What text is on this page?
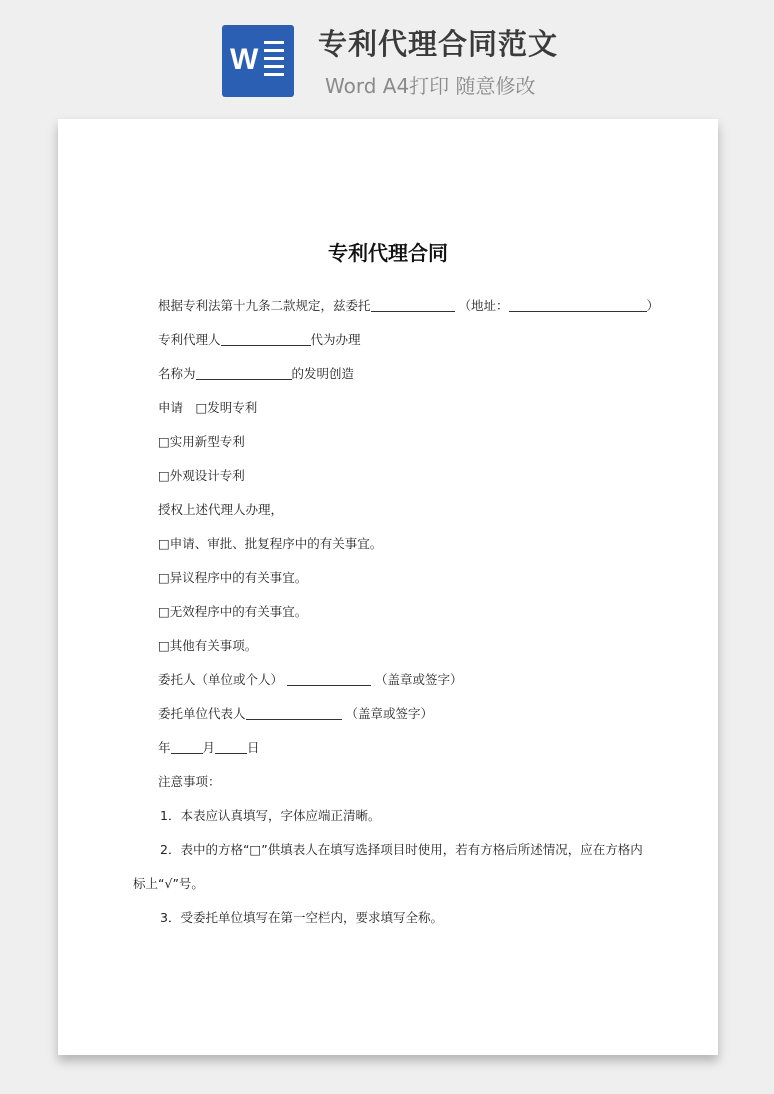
W 专利代理合同范文
Word A4打印 随意修改
​
专利代理合同
根据专利法第十九条二款规定，兹委托	（地址：	）
专利代理人	代为办理
名称为	的发明创造
申请　□发明专利
□实用新型专利
□外观设计专利
授权上述代理人办理，
□申请、审批、批复程序中的有关事宜。
□异议程序中的有关事宜。
□无效程序中的有关事宜。
□其他有关事项。
委托人（单位或个人）	（盖章或签字）
委托单位代表人	（盖章或签字）
年	月	日
注意事项：
1．本表应认真填写，字体应端正清晰。
2．表中的方格“□”供填表人在填写选择项目时使用，若有方格后所述情况，应在方格内
标上“√”号。
3．受委托单位填写在第一空栏内，要求填写全称。
